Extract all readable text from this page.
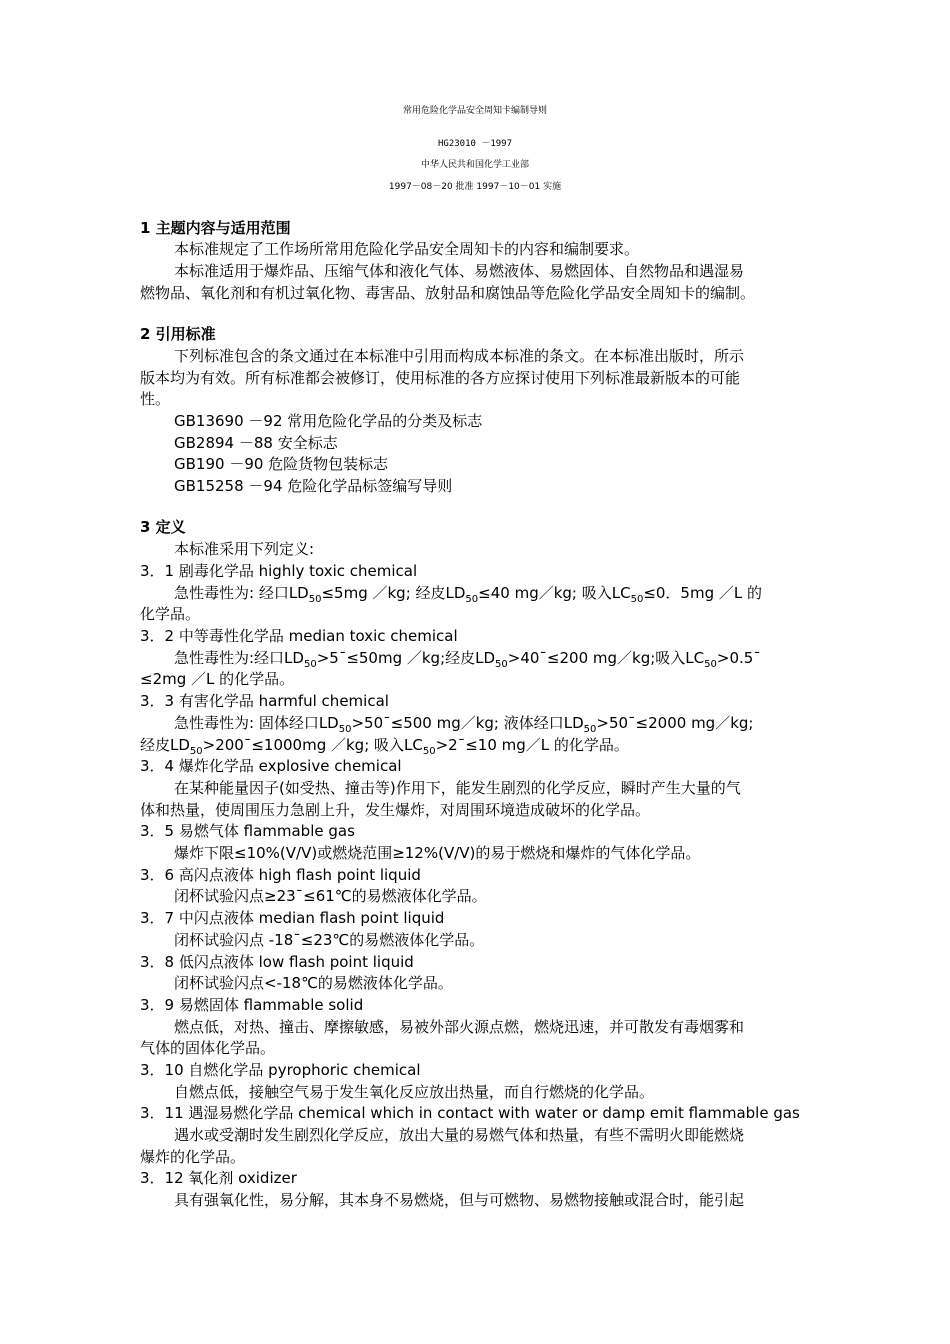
常用危险化学品安全周知卡编制导则
HG23010 －1997
中华人民共和国化学工业部
1997－08－20 批准 1997－10－01 实施
1 主题内容与适用范围
本标准规定了工作场所常用危险化学品安全周知卡的内容和编制要求。
本标准适用于爆炸品、压缩气体和液化气体、易燃液体、易燃固体、自然物品和遇湿易
燃物品、氧化剂和有机过氧化物、毒害品、放射品和腐蚀品等危险化学品安全周知卡的编制。
2 引用标准
下列标准包含的条文通过在本标准中引用而构成本标准的条文。在本标准出版时，所示
版本均为有效。所有标准都会被修订，使用标准的各方应探讨使用下列标准最新版本的可能
性。
GB13690 －92 常用危险化学品的分类及标志
GB2894 －88 安全标志
GB190 －90 危险货物包装标志
GB15258 －94 危险化学品标签编写导则
3 定义
本标准采用下列定义:
3．1 剧毒化学品 highly toxic chemical
急性毒性为: 经口$LD_{50}\le 5mg$ ／kg; 经皮$LD_{50}\le 40$ mg／kg; 吸入$LC_{50}\le 0$．5mg ／L 的
化学品。
3．2 中等毒性化学品 median toxic chemical
急性毒性为:经口$LD_{50}>5¯\le 50mg$ ／kg;经皮$LD_{50}>40¯\le 200$ mg／kg;吸入$LC_{50}>0.5¯$
≤2mg ／L 的化学品。
3．3 有害化学品 harmful chemical
急性毒性为: 固体经口$LD_{50}>50¯\le 500$ mg／kg; 液体经口$LD_{50}>50¯\le 2000$ mg／kg;
经皮$LD_{50}>200¯\le 1000mg$ ／kg; 吸入$LC_{50}>2¯\le 10$ mg／L 的化学品。
3．4 爆炸化学品 explosive chemical
在某种能量因子(如受热、撞击等)作用下，能发生剧烈的化学反应，瞬时产生大量的气
体和热量，使周围压力急剧上升，发生爆炸，对周围环境造成破坏的化学品。
3．5 易燃气体 flammable gas
爆炸下限≤10%(V/V)或燃烧范围≥12%(V/V)的易于燃烧和爆炸的气体化学品。
3．6 高闪点液体 high flash point liquid
闭杯试验闪点≥23¯≤61℃的易燃液体化学品。
3．7 中闪点液体 median flash point liquid
闭杯试验闪点 -18¯≤23℃的易燃液体化学品。
3．8 低闪点液体 low flash point liquid
闭杯试验闪点<-18℃的易燃液体化学品。
3．9 易燃固体 flammable solid
燃点低，对热、撞击、摩擦敏感，易被外部火源点燃，燃烧迅速，并可散发有毒烟雾和
气体的固体化学品。
3．10 自燃化学品 pyrophoric chemical
自燃点低，接触空气易于发生氧化反应放出热量，而自行燃烧的化学品。
3．11 遇湿易燃化学品 chemical which in contact with water or damp emit flammable gas
遇水或受潮时发生剧烈化学反应，放出大量的易燃气体和热量，有些不需明火即能燃烧
爆炸的化学品。
3．12 氧化剂 oxidizer
具有强氧化性，易分解，其本身不易燃烧，但与可燃物、易燃物接触或混合时，能引起
